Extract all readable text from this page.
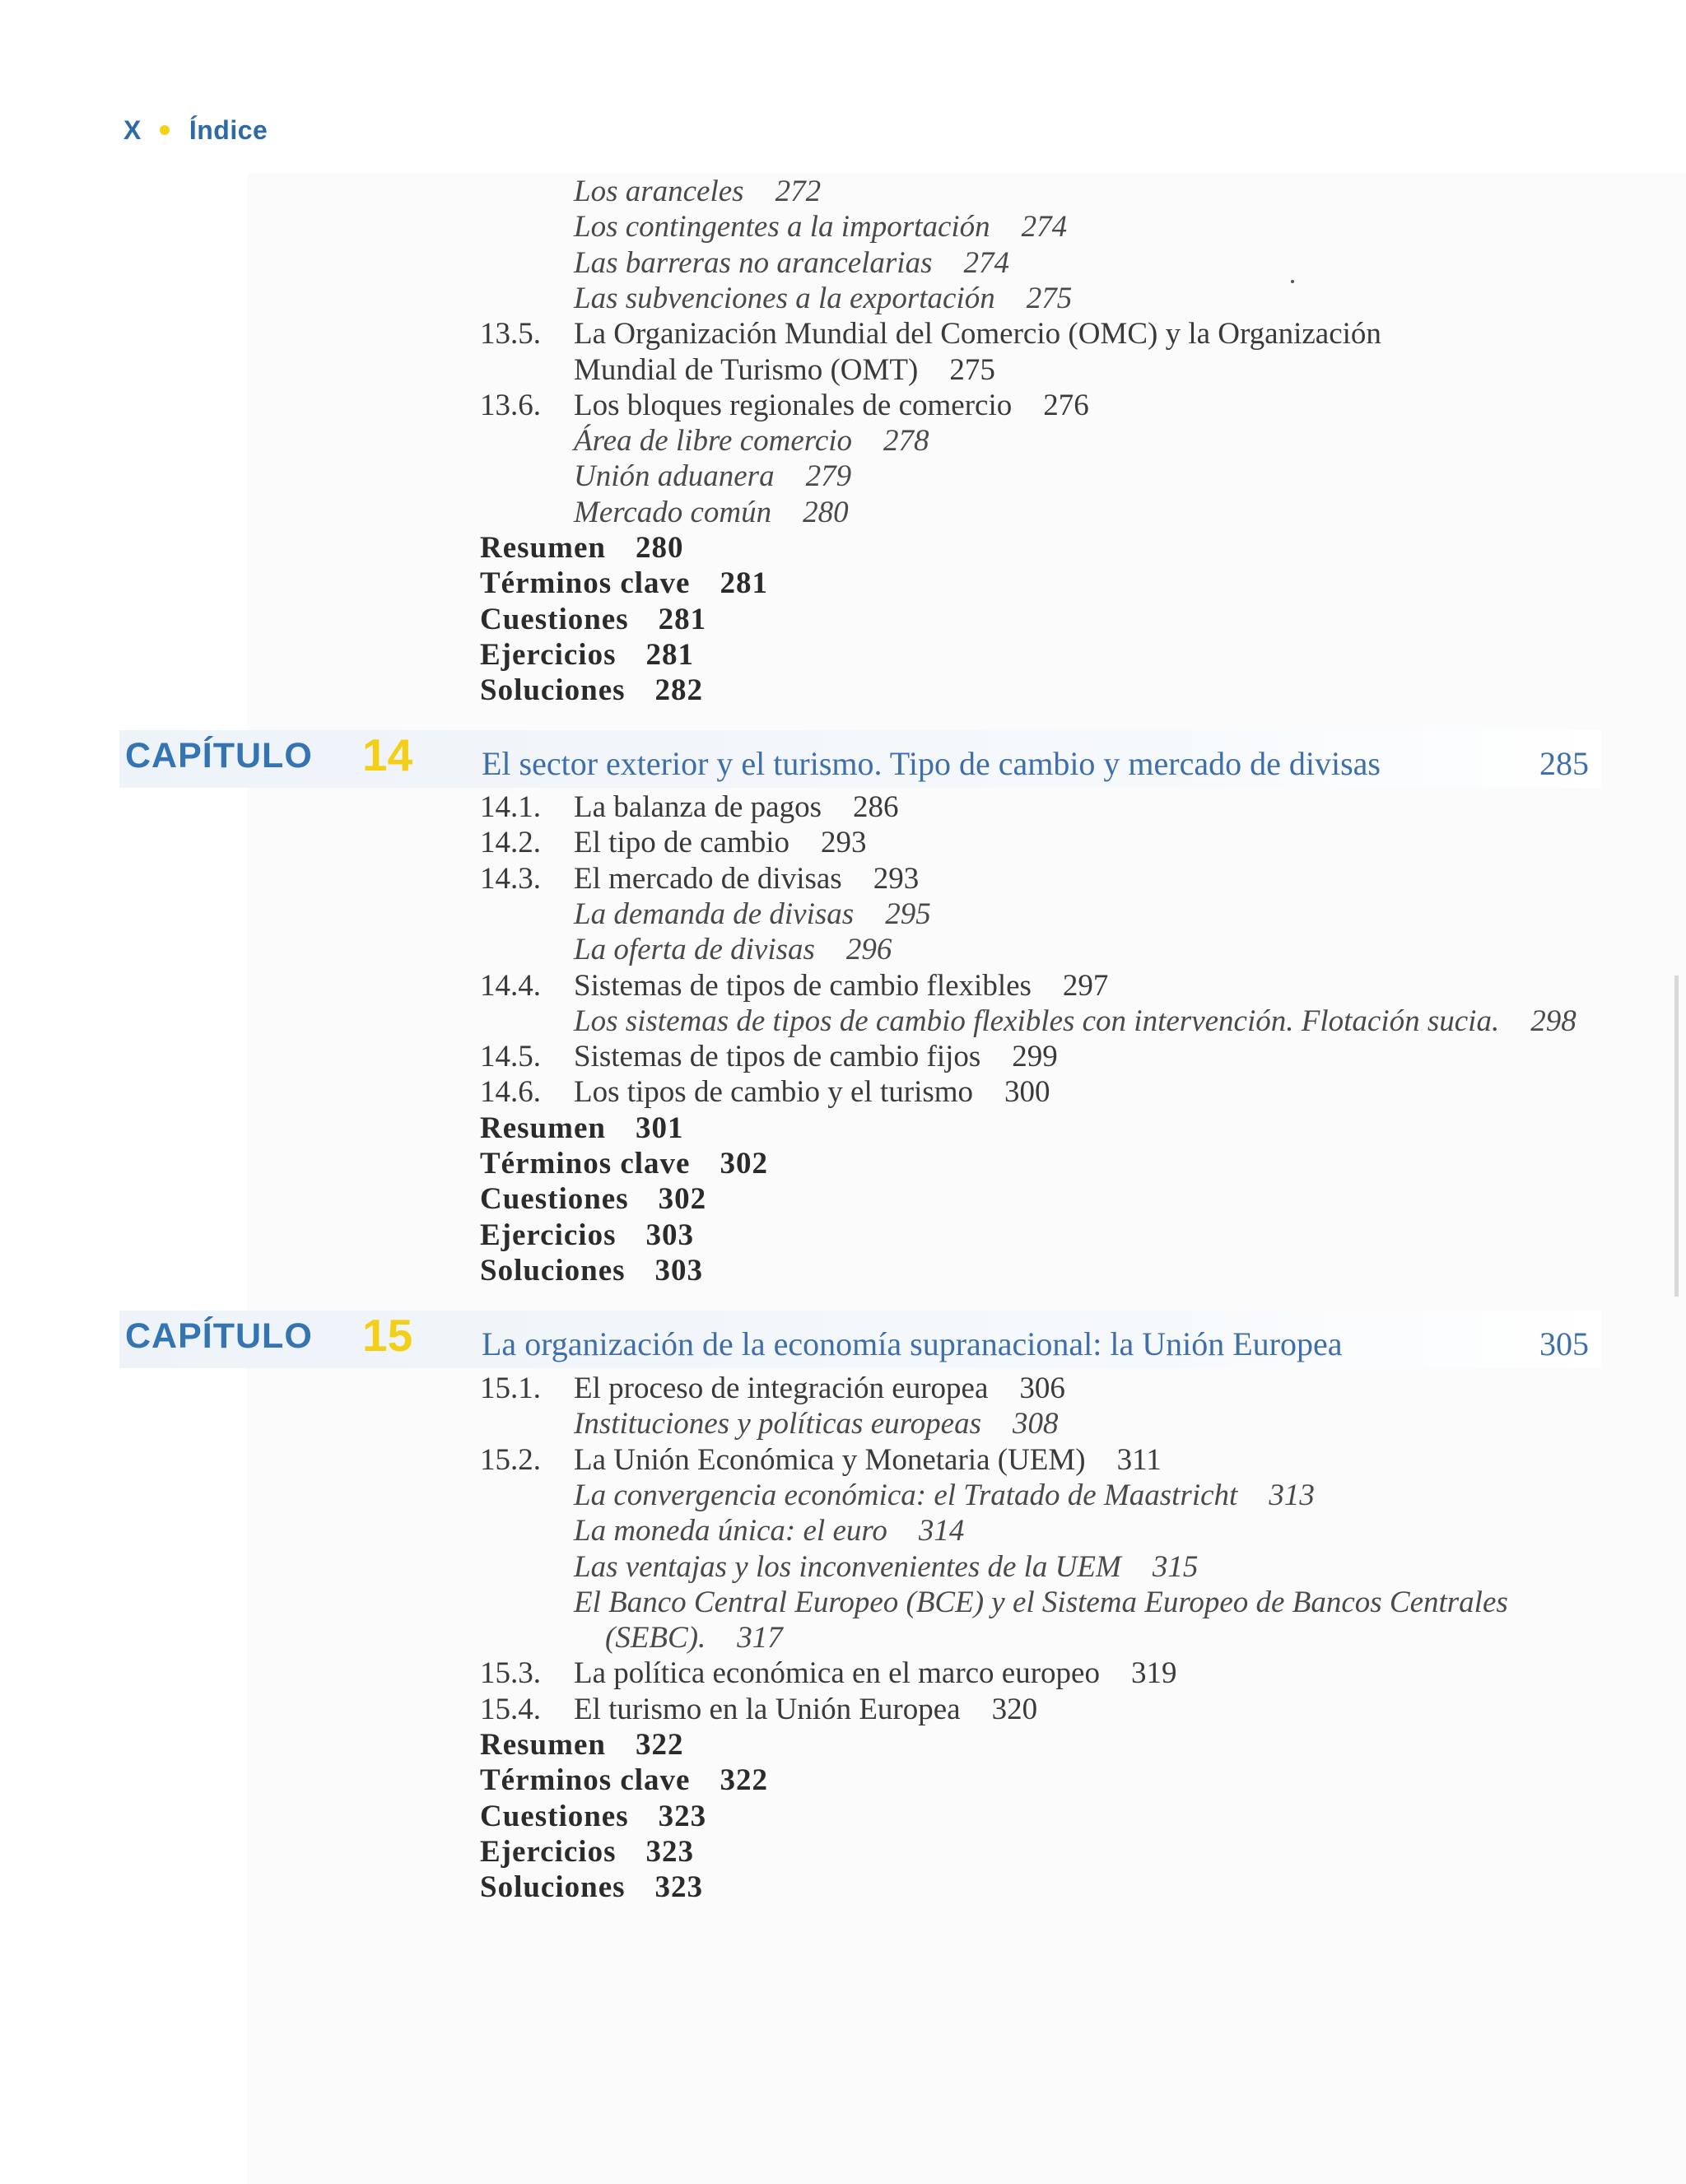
X Índice
CAPÍTULO 14 El sector exterior y el turismo. Tipo de cambio y mercado de divisas	285
CAPÍTULO 15 La organización de la economía supranacional: la Unión Europea	305
Los aranceles 272
Los contingentes a la importación 274
Las barreras no arancelarias 274
Las subvenciones a la exportación 275
13.5. La Organización Mundial del Comercio (OMC) y la Organización
Mundial de Turismo (OMT) 275
13.6. Los bloques regionales de comercio 276
Área de libre comercio 278
Unión aduanera 279
Mercado común 280
Resumen 280
Términos clave 281
Cuestiones 281
Ejercicios 281
Soluciones 282
14.1. La balanza de pagos 286
14.2. El tipo de cambio 293
14.3. El mercado de divisas 293
La demanda de divisas 295
La oferta de divisas 296
14.4. Sistemas de tipos de cambio flexibles 297
Los sistemas de tipos de cambio flexibles con intervención. Flotación sucia. 298
14.5. Sistemas de tipos de cambio fijos 299
14.6. Los tipos de cambio y el turismo 300
Resumen 301
Términos clave 302
Cuestiones 302
Ejercicios 303
Soluciones 303
15.1. El proceso de integración europea 306
Instituciones y políticas europeas 308
15.2. La Unión Económica y Monetaria (UEM) 311
La convergencia económica: el Tratado de Maastricht 313
La moneda única: el euro 314
Las ventajas y los inconvenientes de la UEM 315
El Banco Central Europeo (BCE) y el Sistema Europeo de Bancos Centrales
(SEBC). 317
15.3. La política económica en el marco europeo 319
15.4. El turismo en la Unión Europea 320
Resumen 322
Términos clave 322
Cuestiones 323
Ejercicios 323
Soluciones 323
